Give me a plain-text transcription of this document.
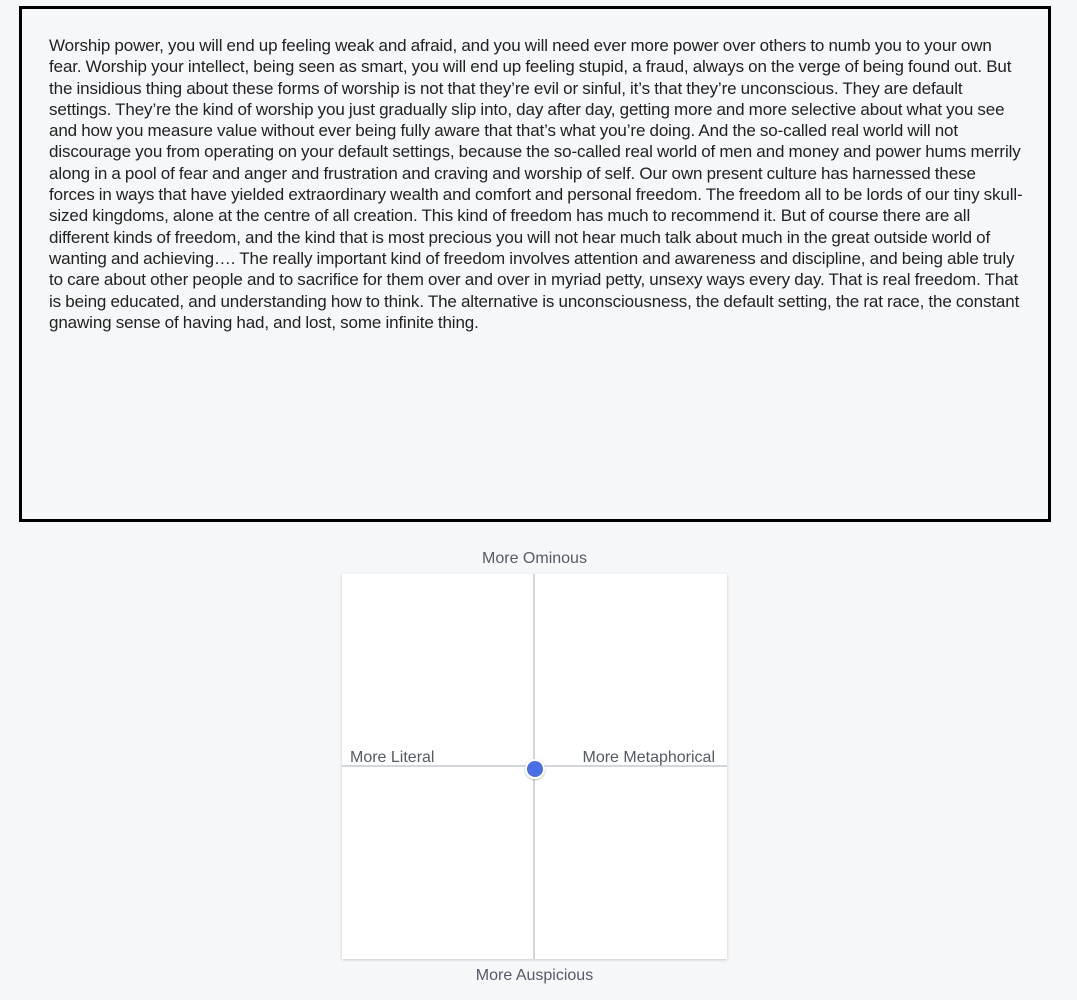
Worship power, you will end up feeling weak and afraid, and you will need ever more power over others to numb you to your own fear. Worship your intellect, being seen as smart, you will end up feeling stupid, a fraud, always on the verge of being found out. But the insidious thing about these forms of worship is not that they’re evil or sinful, it’s that they’re unconscious. They are default settings. They’re the kind of worship you just gradually slip into, day after day, getting more and more selective about what you see and how you measure value without ever being fully aware that that’s what you’re doing. And the so-called real world will not discourage you from operating on your default settings, because the so-called real world of men and money and power hums merrily along in a pool of fear and anger and frustration and craving and worship of self. Our own present culture has harnessed these forces in ways that have yielded extraordinary wealth and comfort and personal freedom. The freedom all to be lords of our tiny skull-sized kingdoms, alone at the centre of all creation. This kind of freedom has much to recommend it. But of course there are all different kinds of freedom, and the kind that is most precious you will not hear much talk about much in the great outside world of wanting and achieving…. The really important kind of freedom involves attention and awareness and discipline, and being able truly to care about other people and to sacrifice for them over and over in myriad petty, unsexy ways every day. That is real freedom. That is being educated, and understanding how to think. The alternative is unconsciousness, the default setting, the rat race, the constant gnawing sense of having had, and lost, some infinite thing.

More Ominous
More Literal	More Metaphorical
More Auspicious
